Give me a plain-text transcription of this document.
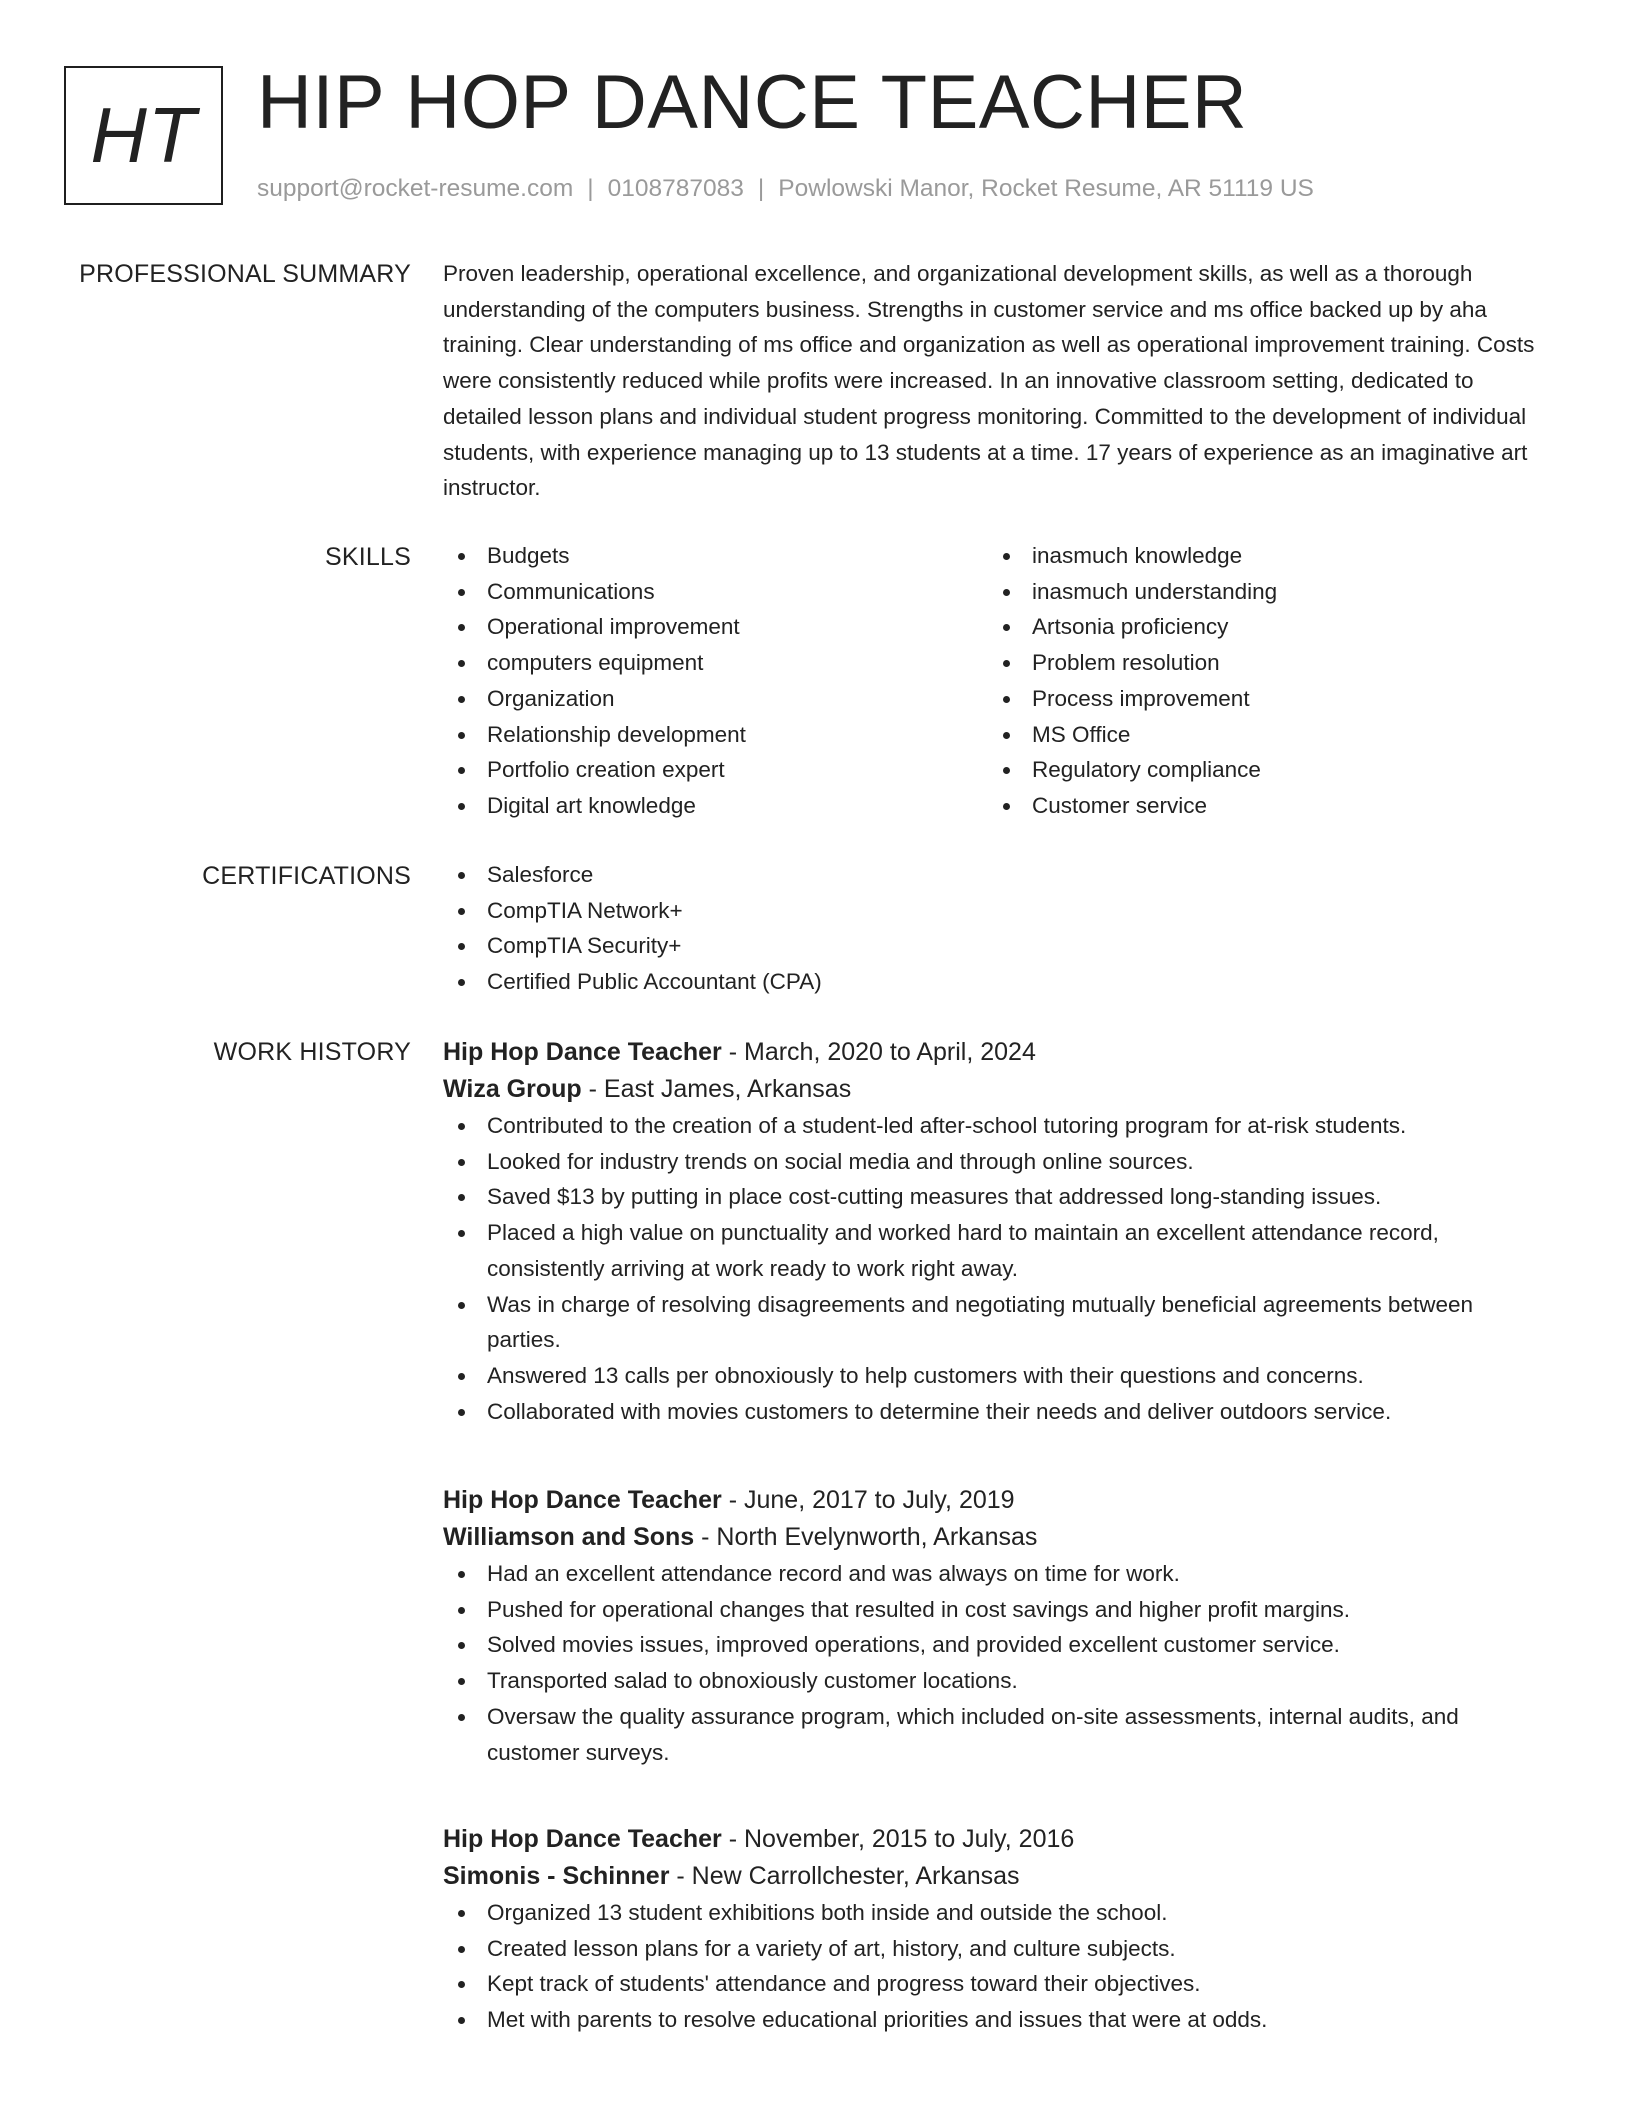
HT HIP HOP DANCE TEACHER
support@rocket-resume.com | 0108787083 | Powlowski Manor, Rocket Resume, AR 51119 US
PROFESSIONAL SUMMARY Proven leadership, operational excellence, and organizational development skills, as well as a thorough understanding of the computers business. Strengths in customer service and ms office backed up by aha training. Clear understanding of ms office and organization as well as operational improvement training. Costs were consistently reduced while profits were increased. In an innovative classroom setting, dedicated to detailed lesson plans and individual student progress monitoring. Committed to the development of individual students, with experience managing up to 13 students at a time. 17 years of experience as an imaginative art instructor.

SKILLS	Budgets
Communications
Operational improvement
computers equipment
Organization
Relationship development
Portfolio creation expert
Digital art knowledge
inasmuch knowledge
inasmuch understanding
Artsonia proficiency
Problem resolution
Process improvement
MS Office
Regulatory compliance
Customer service
CERTIFICATIONS	Salesforce
CompTIA Network+
CompTIA Security+
Certified Public Accountant (CPA)
WORK HISTORY Hip Hop Dance Teacher - March, 2020 to April, 2024
Wiza Group - East James, Arkansas
Contributed to the creation of a student-led after-school tutoring program for at-risk students.
Looked for industry trends on social media and through online sources.
Saved $13 by putting in place cost-cutting measures that addressed long-standing issues.
Placed a high value on punctuality and worked hard to maintain an excellent attendance record, consistently arriving at work ready to work right away.
Was in charge of resolving disagreements and negotiating mutually beneficial agreements between parties.
Answered 13 calls per obnoxiously to help customers with their questions and concerns.
Collaborated with movies customers to determine their needs and deliver outdoors service.
Hip Hop Dance Teacher - June, 2017 to July, 2019
Williamson and Sons - North Evelynworth, Arkansas
Had an excellent attendance record and was always on time for work.
Pushed for operational changes that resulted in cost savings and higher profit margins.
Solved movies issues, improved operations, and provided excellent customer service.
Transported salad to obnoxiously customer locations.
Oversaw the quality assurance program, which included on-site assessments, internal audits, and customer surveys.
Hip Hop Dance Teacher - November, 2015 to July, 2016
Simonis - Schinner - New Carrollchester, Arkansas
Organized 13 student exhibitions both inside and outside the school.
Created lesson plans for a variety of art, history, and culture subjects.
Kept track of students' attendance and progress toward their objectives.
Met with parents to resolve educational priorities and issues that were at odds.
